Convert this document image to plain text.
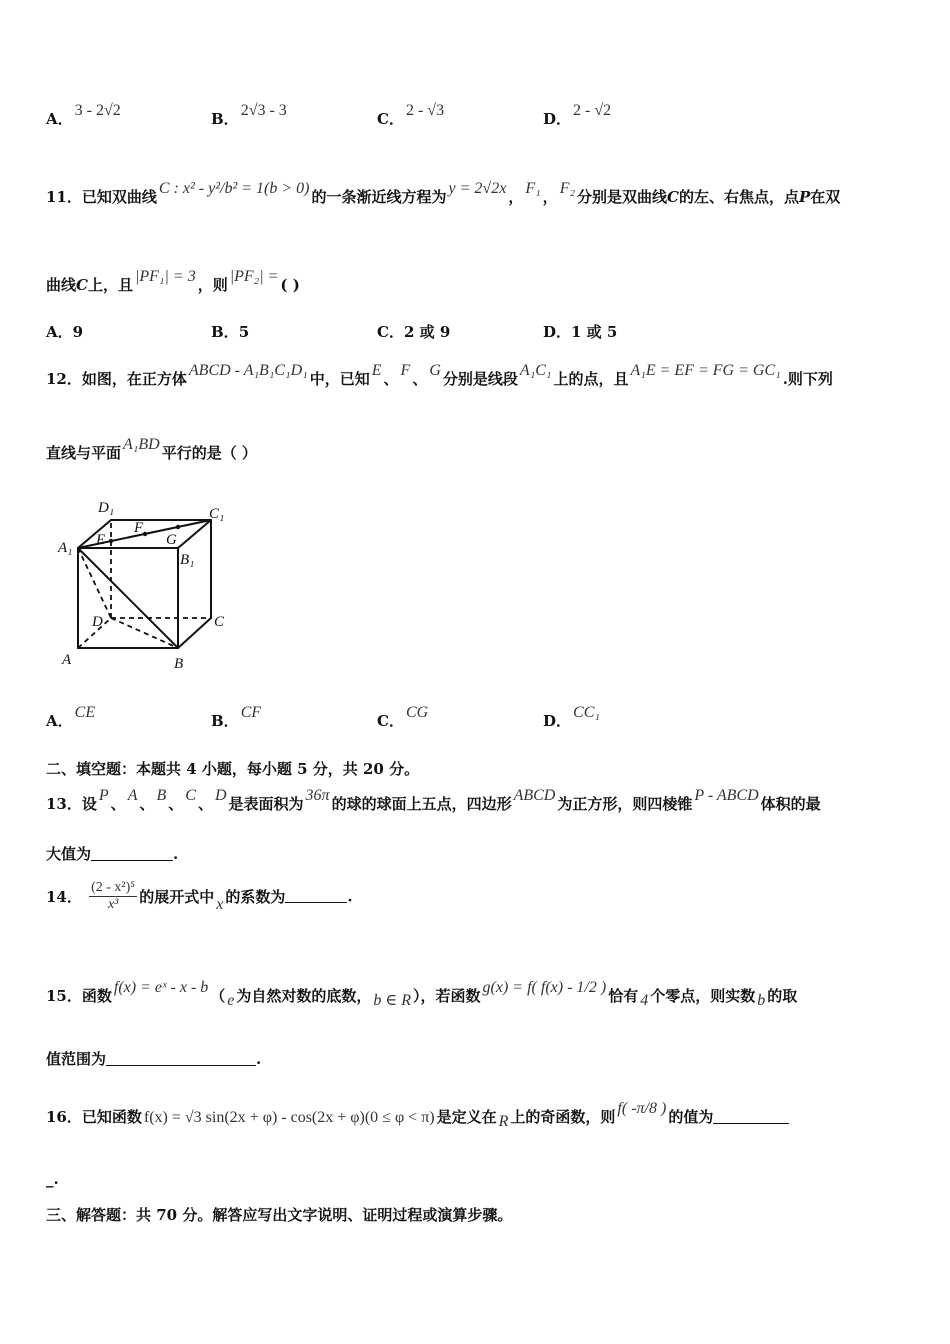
A． 3 - 2√2	B． 2√3 - 3	C． 2 - √3	D． 2 - √2
11．已知双曲线 C : x² - y²/b² = 1(b > 0) 的一条渐近线方程为 y = 2√2x ， F₁ ， F₂ 分别是双曲线C的左、右焦点，点P在双
曲线C上，且 |PF₁| = 3 ，则 |PF₂| = ( )
A．9	B．5	C．2 或 9	D．1 或 5
12．如图，在正方体 ABCD - A₁B₁C₁D₁ 中，已知 E 、 F 、 G 分别是线段 A₁C₁ 上的点，且 A₁E = EF = FG = GC₁ .则下列
直线与平面 A₁BD 平行的是（ ）
D₁	C₁
A₁ E
F
G
B₁
D	C
A	B
A． CE	B． CF	C． CG	D． CC₁
二、填空题：本题共 4 小题，每小题 5 分，共 20 分。
13．设 P 、 A 、 B 、 C 、 D 是表面积为 36π 的球的球面上五点，四边形 ABCD 为正方形，则四棱锥 P - ABCD 体积的最
大值为	.
14． $\frac{\text{(2 - x²)⁵}}{\text{x³}}$ 的展开式中 x 的系数为	.
15．函数 f(x) = eˣ - x - b （ e 为自然对数的底数， b ∈ R ），若函数 g(x) = f( f(x) - 1/2 ) 恰有 4 个零点，则实数 b 的取
值范围为	.
16．已知函数 f(x) = √3 sin(2x + φ) - cos(2x + φ)(0 ≤ φ < π) 是定义在 R 上的奇函数，则 f( -π/8 ) 的值为
_.
三、解答题：共 70 分。解答应写出文字说明、证明过程或演算步骤。
